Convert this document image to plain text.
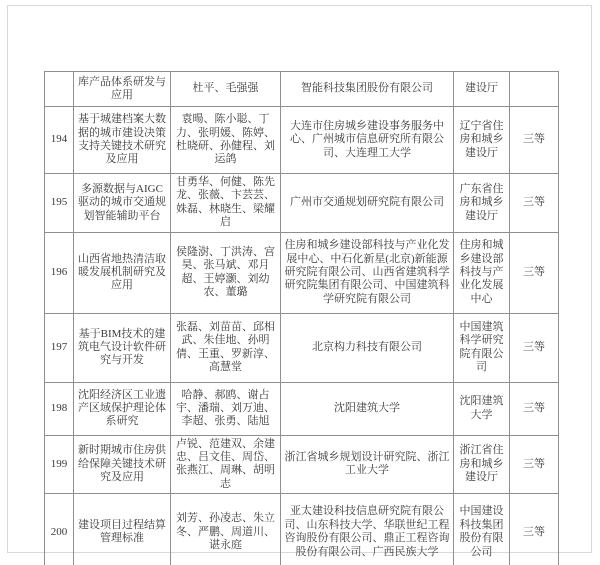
	库产品体系研发与应用	杜平、毛强强	智能科技集团股份有限公司	建设厅	
194	基于城建档案大数据的城市建设决策支持关键技术研究及应用	袁暘、陈小聪、丁力、张明媛、陈婷、杜晓研、孙健程、刘运鸽	大连市住房城乡建设事务服务中心、广州城市信息研究所有限公司、大连理工大学	辽宁省住房和城乡建设厅	三等
195	多源数据与AIGC驱动的城市交通规划智能辅助平台	甘勇华、何健、陈先龙、张薇、卞芸芸、姝磊、林晓生、梁耀启	广州市交通规划研究院有限公司	广东省住房和城乡建设厅	三等
196	山西省地热清洁取暖发展机制研究及应用	侯隆澍、丁洪涛、宫昊、张马斌、邓月超、王婷灏、刘幼农、董璐	住房和城乡建设部科技与产业化发展中心、中石化新星(北京)新能源研究院有限公司、山西省建筑科学研究院集团有限公司、中国建筑科学研究院有限公司	住房和城乡建设部科技与产业化发展中心	三等
197	基于BIM技术的建筑电气设计软件研究与开发	张磊、刘苗苗、邱相武、朱佳地、孙明倩、王重、罗新淳、高慧堂	北京构力科技有限公司	中国建筑科学研究院有限公司	三等
198	沈阳经济区工业遗产区域保护理论体系研究	哈静、郝鸥、谢占宇、潘瑞、刘万迪、李超、张勇、陆旭	沈阳建筑大学	沈阳建筑大学	三等
199	新时期城市住房供给保障关键技术研究及应用	卢锐、范建双、余建忠、吕文佳、周岱、张燕江、周琳、胡明志	浙江省城乡规划设计研究院、浙江工业大学	浙江省住房和城乡建设厅	三等
200	建设项目过程结算管理标准	刘芳、孙凌志、朱立冬、严鹏、周道川、谌永庭	亚太建设科技信息研究院有限公司、山东科技大学、华联世纪工程咨询股份有限公司、鼎正工程咨询股份有限公司、广西民族大学	中国建设科技集团股份有限公司	三等
